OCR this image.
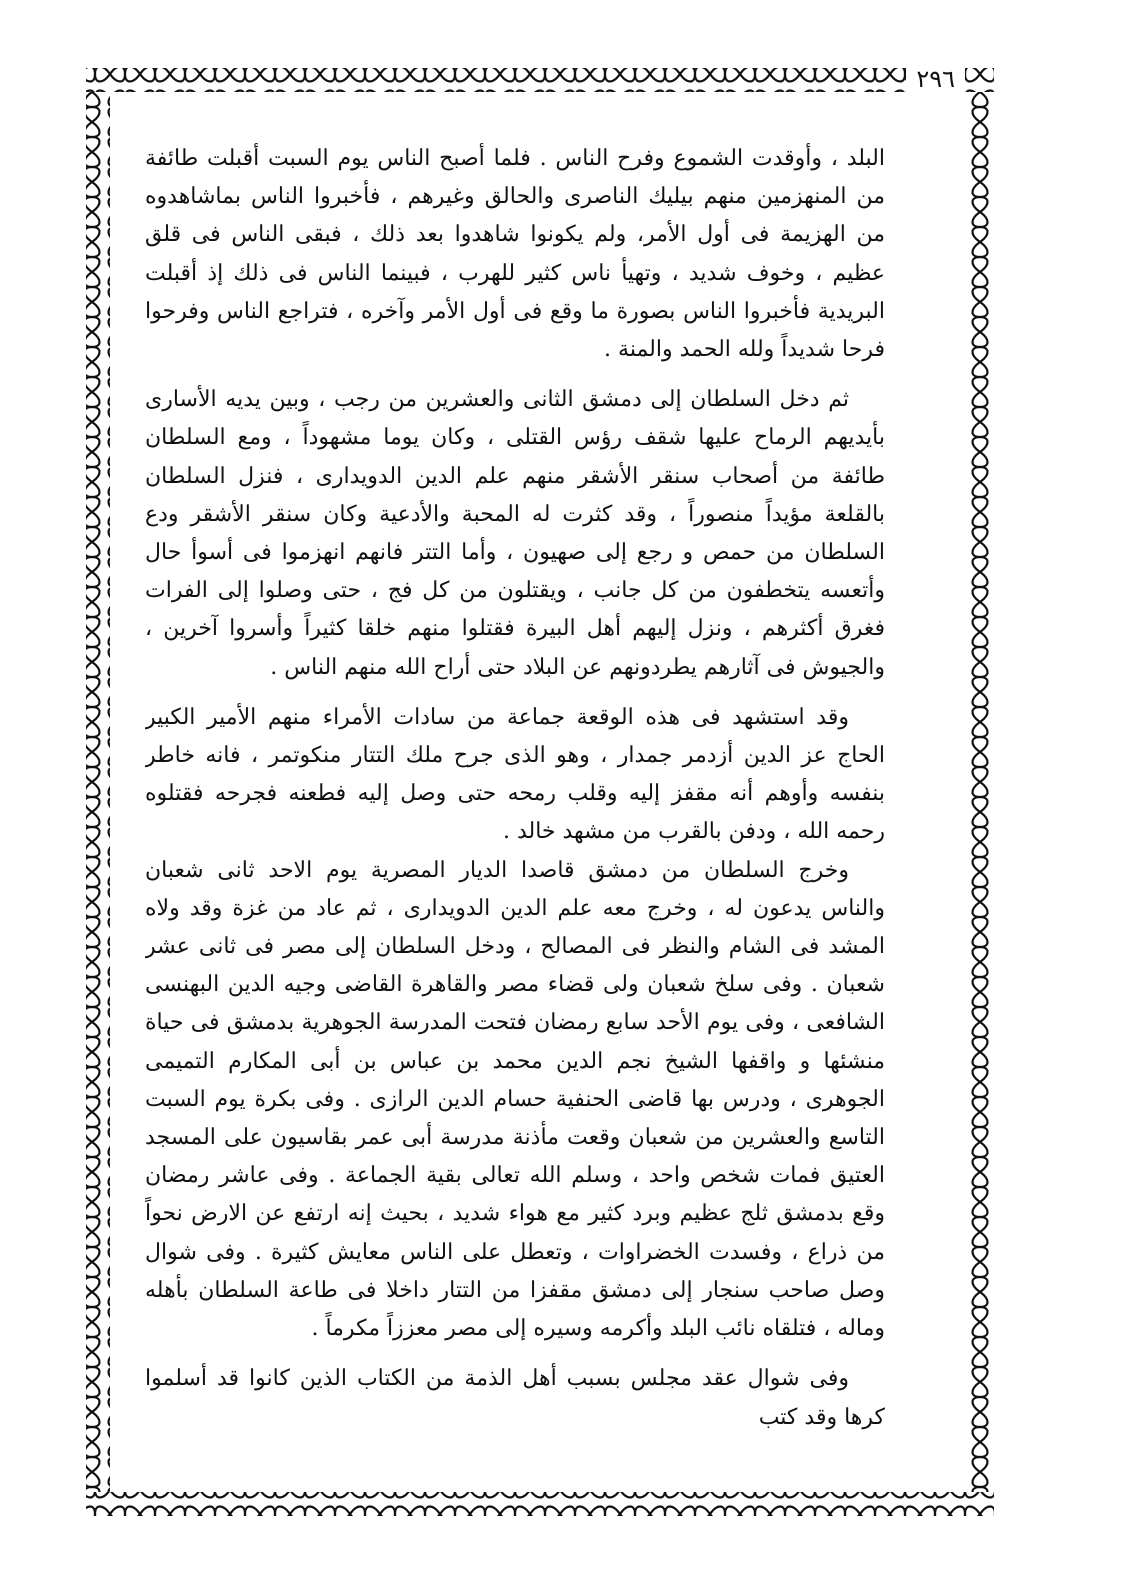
٢٩٦

البلد ، وأوقدت الشموع وفرح الناس . فلما أصبح الناس يوم السبت أقبلت طائفة من المنهزمين منهم بيليك الناصرى والحالق وغيرهم ، فأخبروا الناس بماشاهدوه من الهزيمة فى أول الأمر، ولم يكونوا شاهدوا بعد ذلك ، فبقى الناس فى قلق عظيم ، وخوف شديد ، وتهيأ ناس كثير للهرب ، فبينما الناس فى ذلك إذ أقبلت البريدية فأخبروا الناس بصورة ما وقع فى أول الأمر وآخره ، فتراجع الناس وفرحوا فرحا شديداً ولله الحمد والمنة .

ثم دخل السلطان إلى دمشق الثانى والعشرين من رجب ، وبين يديه الأسارى بأيديهم الرماح عليها شقف رؤس القتلى ، وكان يوما مشهوداً ، ومع السلطان طائفة من أصحاب سنقر الأشقر منهم علم الدين الدويدارى ، فنزل السلطان بالقلعة مؤيداً منصوراً ، وقد كثرت له المحبة والأدعية وكان سنقر الأشقر ودع السلطان من حمص و رجع إلى صهيون ، وأما التتر فانهم انهزموا فى أسوأ حال وأتعسه يتخطفون من كل جانب ، ويقتلون من كل فج ، حتى وصلوا إلى الفرات فغرق أكثرهم ، ونزل إليهم أهل البيرة فقتلوا منهم خلقا كثيراً وأسروا آخرين ، والجيوش فى آثارهم يطردونهم عن البلاد حتى أراح الله منهم الناس .

وقد استشهد فى هذه الوقعة جماعة من سادات الأمراء منهم الأمير الكبير الحاج عز الدين أزدمر جمدار ، وهو الذى جرح ملك التتار منكوتمر ، فانه خاطر بنفسه وأوهم أنه مقفز إليه وقلب رمحه حتى وصل إليه فطعنه فجرحه فقتلوه رحمه الله ، ودفن بالقرب من مشهد خالد .

وخرج السلطان من دمشق قاصدا الديار المصرية يوم الاحد ثانى شعبان والناس يدعون له ، وخرج معه علم الدين الدويدارى ، ثم عاد من غزة وقد ولاه المشد فى الشام والنظر فى المصالح ، ودخل السلطان إلى مصر فى ثانى عشر شعبان . وفى سلخ شعبان ولى قضاء مصر والقاهرة القاضى وجيه الدين البهنسى الشافعى ، وفى يوم الأحد سابع رمضان فتحت المدرسة الجوهرية بدمشق فى حياة منشئها و واقفها الشيخ نجم الدين محمد بن عباس بن أبى المكارم التميمى الجوهرى ، ودرس بها قاضى الحنفية حسام الدين الرازى . وفى بكرة يوم السبت التاسع والعشرين من شعبان وقعت مأذنة مدرسة أبى عمر بقاسيون على المسجد العتيق فمات شخص واحد ، وسلم الله تعالى بقية الجماعة . وفى عاشر رمضان وقع بدمشق ثلج عظيم وبرد كثير مع هواء شديد ، بحيث إنه ارتفع عن الارض نحواً من ذراع ، وفسدت الخضراوات ، وتعطل على الناس معايش كثيرة . وفى شوال وصل صاحب سنجار إلى دمشق مقفزا من التتار داخلا فى طاعة السلطان بأهله وماله ، فتلقاه نائب البلد وأكرمه وسيره إلى مصر معززاً مكرماً .

وفى شوال عقد مجلس بسبب أهل الذمة من الكتاب الذين كانوا قد أسلموا كرها وقد كتب
